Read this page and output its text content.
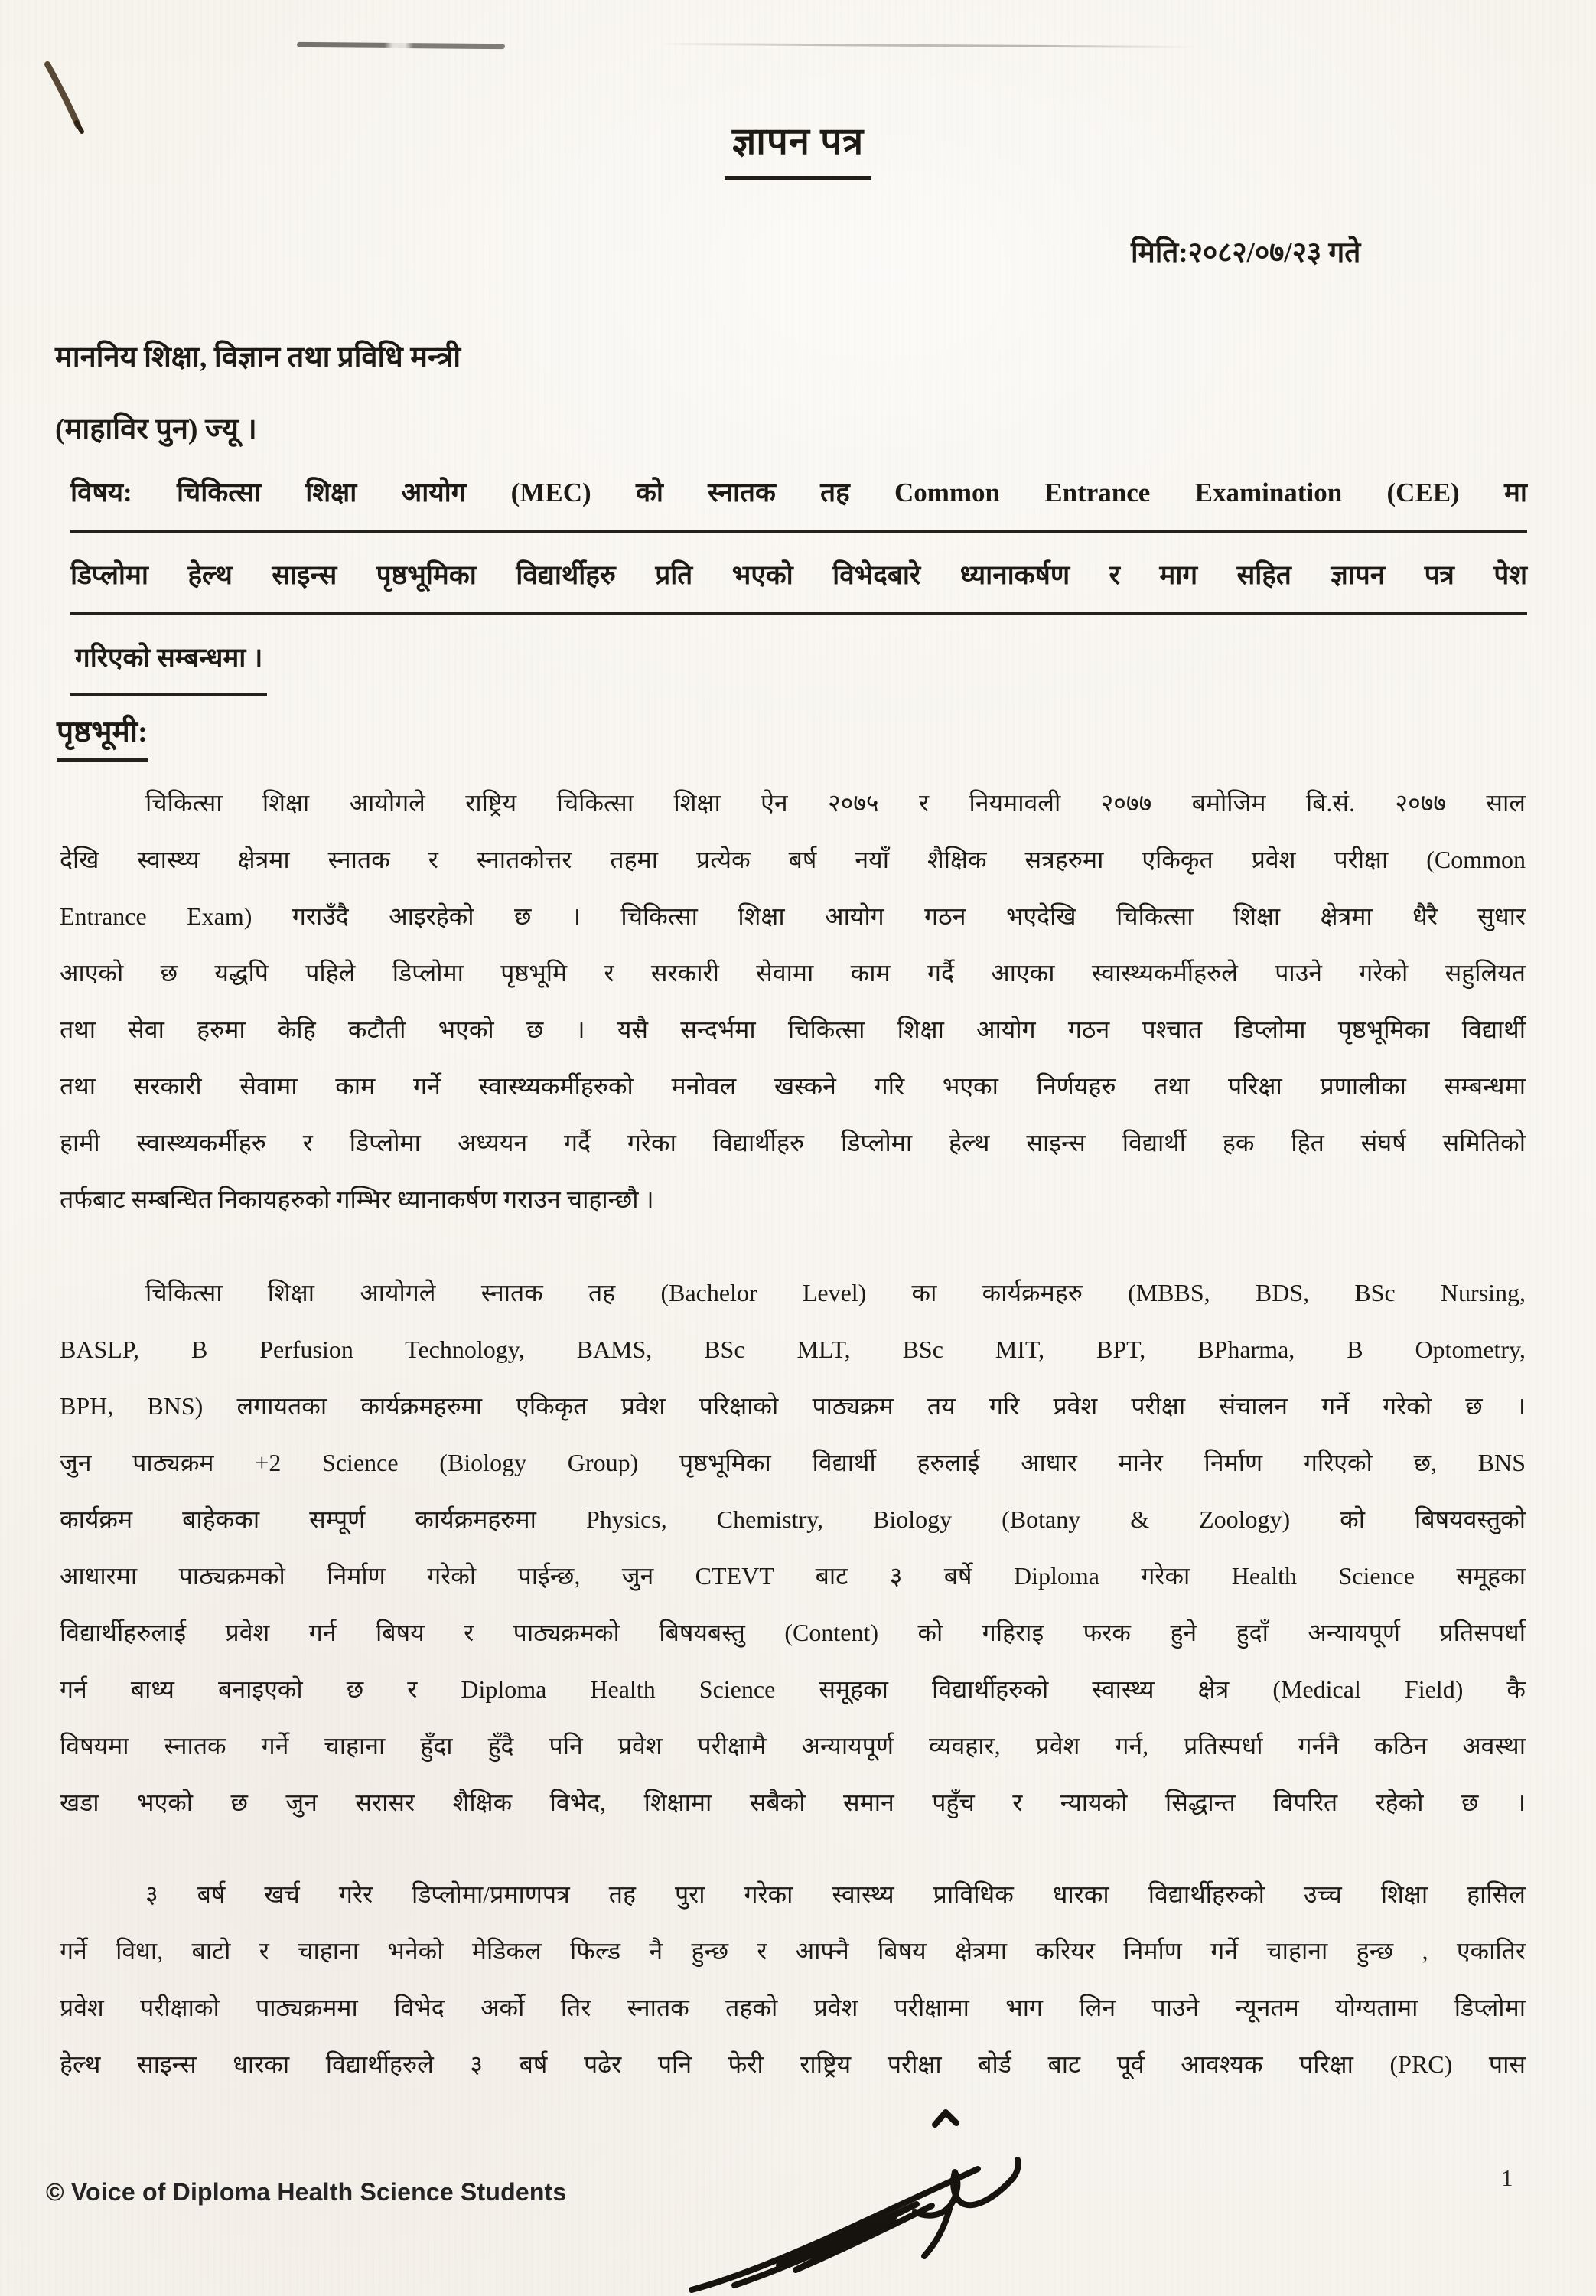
ज्ञापन पत्र
मिति:२०८२/०७/२३ गते
माननिय शिक्षा, विज्ञान तथा प्रविधि मन्त्री
(माहाविर पुन) ज्यू ।
विषय: चिकित्सा शिक्षा आयोग (MEC) को स्नातक तह Common Entrance Examination (CEE) मा
डिप्लोमा हेल्थ साइन्स पृष्ठभूमिका विद्यार्थीहरु प्रति भएको विभेदबारे ध्यानाकर्षण र माग सहित ज्ञापन पत्र पेश
गरिएको सम्बन्धमा ।
पृष्ठभूमी:
चिकित्सा शिक्षा आयोगले राष्ट्रिय चिकित्सा शिक्षा ऐन २०७५ र नियमावली २०७७ बमोजिम बि.सं. २०७७ साल
देखि स्वास्थ्य क्षेत्रमा स्नातक र स्नातकोत्तर तहमा प्रत्येक बर्ष नयाँ शैक्षिक सत्रहरुमा एकिकृत प्रवेश परीक्षा (Common
Entrance Exam) गराउँदै आइरहेको छ । चिकित्सा शिक्षा आयोग गठन भएदेखि चिकित्सा शिक्षा क्षेत्रमा धैरै सुधार
आएको छ यद्धपि पहिले डिप्लोमा पृष्ठभूमि र सरकारी सेवामा काम गर्दै आएका स्वास्थ्यकर्मीहरुले पाउने गरेको सहुलियत
तथा सेवा हरुमा केहि कटौती भएको छ । यसै सन्दर्भमा चिकित्सा शिक्षा आयोग गठन पश्चात डिप्लोमा पृष्ठभूमिका विद्यार्थी
तथा सरकारी सेवामा काम गर्ने स्वास्थ्यकर्मीहरुको मनोवल खस्कने गरि भएका निर्णयहरु तथा परिक्षा प्रणालीका सम्बन्धमा
हामी स्वास्थ्यकर्मीहरु र डिप्लोमा अध्ययन गर्दै गरेका विद्यार्थीहरु डिप्लोमा हेल्थ साइन्स विद्यार्थी हक हित संघर्ष समितिको
तर्फबाट सम्बन्धित निकायहरुको गम्भिर ध्यानाकर्षण गराउन चाहान्छौ ।
चिकित्सा शिक्षा आयोगले स्नातक तह (Bachelor Level) का कार्यक्रमहरु (MBBS, BDS, BSc Nursing,
BASLP, B Perfusion Technology, BAMS, BSc MLT, BSc MIT, BPT, BPharma, B Optometry,
BPH, BNS) लगायतका कार्यक्रमहरुमा एकिकृत प्रवेश परिक्षाको पाठ्यक्रम तय गरि प्रवेश परीक्षा संचालन गर्ने गरेको छ ।
जुन पाठ्यक्रम +2 Science (Biology Group) पृष्ठभूमिका विद्यार्थी हरुलाई आधार मानेर निर्माण गरिएको छ, BNS
कार्यक्रम बाहेकका सम्पूर्ण कार्यक्रमहरुमा Physics, Chemistry, Biology (Botany & Zoology) को बिषयवस्तुको
आधारमा पाठ्यक्रमको निर्माण गरेको पाईन्छ, जुन CTEVT बाट ३ बर्षे Diploma गरेका Health Science समूहका
विद्यार्थीहरुलाई प्रवेश गर्न बिषय र पाठ्यक्रमको बिषयबस्तु (Content) को गहिराइ फरक हुने हुदाँ अन्यायपूर्ण प्रतिसपर्धा
गर्न बाध्य बनाइएको छ र Diploma Health Science समूहका विद्यार्थीहरुको स्वास्थ्य क्षेत्र (Medical Field) कै
विषयमा स्नातक गर्ने चाहाना हुँदा हुँदै पनि प्रवेश परीक्षामै अन्यायपूर्ण व्यवहार, प्रवेश गर्न, प्रतिस्पर्धा गर्ननै कठिन अवस्था
खडा भएको छ जुन सरासर शैक्षिक विभेद, शिक्षामा सबैको समान पहुँच र न्यायको सिद्धान्त विपरित रहेको छ ।
३ बर्ष खर्च गरेर डिप्लोमा/प्रमाणपत्र तह पुरा गरेका स्वास्थ्य प्राविधिक धारका विद्यार्थीहरुको उच्च शिक्षा हासिल
गर्ने विधा, बाटो र चाहाना भनेको मेडिकल फिल्ड नै हुन्छ र आफ्नै बिषय क्षेत्रमा करियर निर्माण गर्ने चाहाना हुन्छ , एकातिर
प्रवेश परीक्षाको पाठ्यक्रममा विभेद अर्को तिर स्नातक तहको प्रवेश परीक्षामा भाग लिन पाउने न्यूनतम योग्यतामा डिप्लोमा
हेल्थ साइन्स धारका विद्यार्थीहरुले ३ बर्ष पढेर पनि फेरी राष्ट्रिय परीक्षा बोर्ड बाट पूर्व आवश्यक परिक्षा (PRC) पास
© Voice of Diploma Health Science Students
1
